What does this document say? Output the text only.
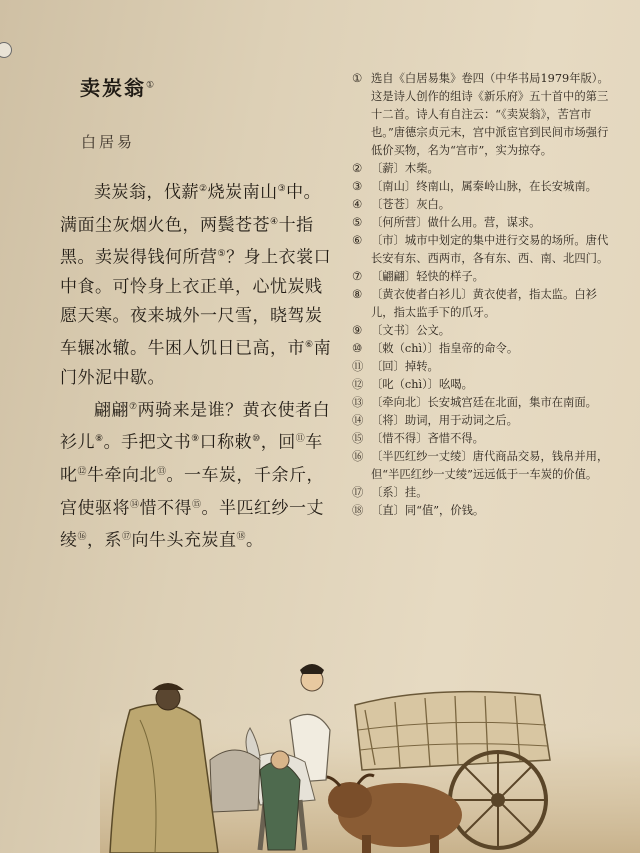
卖炭翁①
白居易

卖炭翁，伐薪②烧炭南山③中。满面尘灰烟火色，两鬓苍苍④十指黑。卖炭得钱何所营⑤？身上衣裳口中食。可怜身上衣正单，心忧炭贱愿天寒。夜来城外一尺雪，晓驾炭车辗冰辙。牛困人饥日已高，市⑥南门外泥中歇。

翩翩⑦两骑来是谁？黄衣使者白衫儿⑧。手把文书⑨口称敕⑩，回⑪车叱⑫牛牵向北⑬。一车炭，千余斤，宫使驱将⑭惜不得⑮。半匹红纱一丈绫⑯，系⑰向牛头充炭直⑱。

① 选自《白居易集》卷四（中华书局1979年版）。这是诗人创作的组诗《新乐府》五十首中的第三十二首。诗人有自注云：“《卖炭翁》，苦宫市也。”唐德宗贞元末，宫中派宦官到民间市场强行低价买物，名为“宫市”，实为掠夺。
② 〔薪〕木柴。
③ 〔南山〕终南山，属秦岭山脉，在长安城南。
④ 〔苍苍〕灰白。
⑤ 〔何所营〕做什么用。营，谋求。
⑥ 〔市〕城市中划定的集中进行交易的场所。唐代长安有东、西两市，各有东、西、南、北四门。
⑦ 〔翩翩〕轻快的样子。
⑧ 〔黄衣使者白衫儿〕黄衣使者，指太监。白衫儿，指太监手下的爪牙。
⑨ 〔文书〕公文。
⑩ 〔敕（chì）〕指皇帝的命令。
⑪ 〔回〕掉转。
⑫ 〔叱（chì）〕吆喝。
⑬ 〔牵向北〕长安城宫廷在北面，集市在南面。
⑭ 〔将〕助词，用于动词之后。
⑮ 〔惜不得〕吝惜不得。
⑯ 〔半匹红纱一丈绫〕唐代商品交易，钱帛并用，但“半匹红纱一丈绫”远远低于一车炭的价值。
⑰ 〔系〕挂。
⑱ 〔直〕同“值”，价钱。
